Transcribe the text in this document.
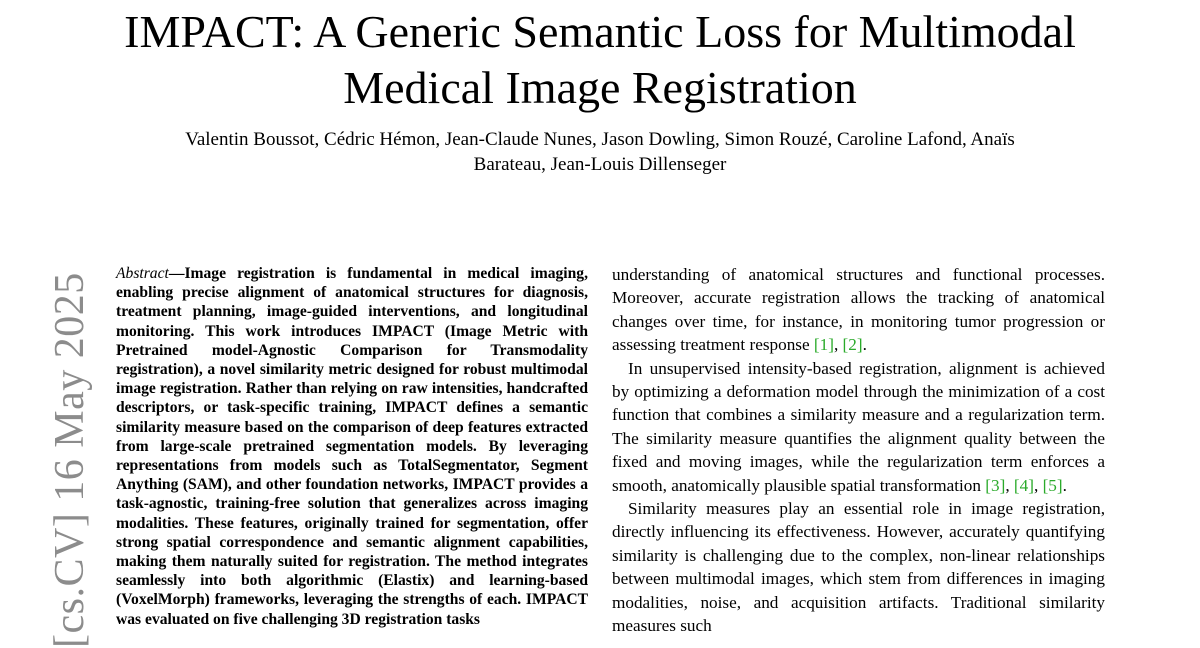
IMPACT: A Generic Semantic Loss for Multimodal
Medical Image Registration
Valentin Boussot, Cédric Hémon, Jean-Claude Nunes, Jason Dowling, Simon Rouzé, Caroline Lafond, Anaïs
Barateau, Jean-Louis Dillenseger
[cs.CV] 16 May 2025 Abstract—Image registration is fundamental in medical imaging, enabling precise alignment of anatomical structures for diagnosis, treatment planning, image-guided interventions, and longitudinal monitoring. This work introduces IMPACT (Image Metric with Pretrained model-Agnostic Comparison for Transmodality registration), a novel similarity metric designed for robust multimodal image registration. Rather than relying on raw intensities, handcrafted descriptors, or task-specific training, IMPACT defines a semantic similarity measure based on the comparison of deep features extracted from large-scale pretrained segmentation models. By leveraging representations from models such as TotalSegmentator, Segment Anything (SAM), and other foundation networks, IMPACT provides a task-agnostic, training-free solution that generalizes across imaging modalities. These features, originally trained for segmentation, offer strong spatial correspondence and semantic alignment capabilities, making them naturally suited for registration. The method integrates seamlessly into both algorithmic (Elastix) and learning-based (VoxelMorph) frameworks, leveraging the strengths of each. IMPACT was evaluated on five challenging 3D registration tasks

understanding of anatomical structures and functional processes. Moreover, accurate registration allows the tracking of anatomical changes over time, for instance, in monitoring tumor progression or assessing treatment response [1], [2].

In unsupervised intensity-based registration, alignment is achieved by optimizing a deformation model through the minimization of a cost function that combines a similarity measure and a regularization term. The similarity measure quantifies the alignment quality between the fixed and moving images, while the regularization term enforces a smooth, anatomically plausible spatial transformation [3], [4], [5].

Similarity measures play an essential role in image registration, directly influencing its effectiveness. However, accurately quantifying similarity is challenging due to the complex, non-linear relationships between multimodal images, which stem from differences in imaging modalities, noise, and acquisition artifacts. Traditional similarity measures such
